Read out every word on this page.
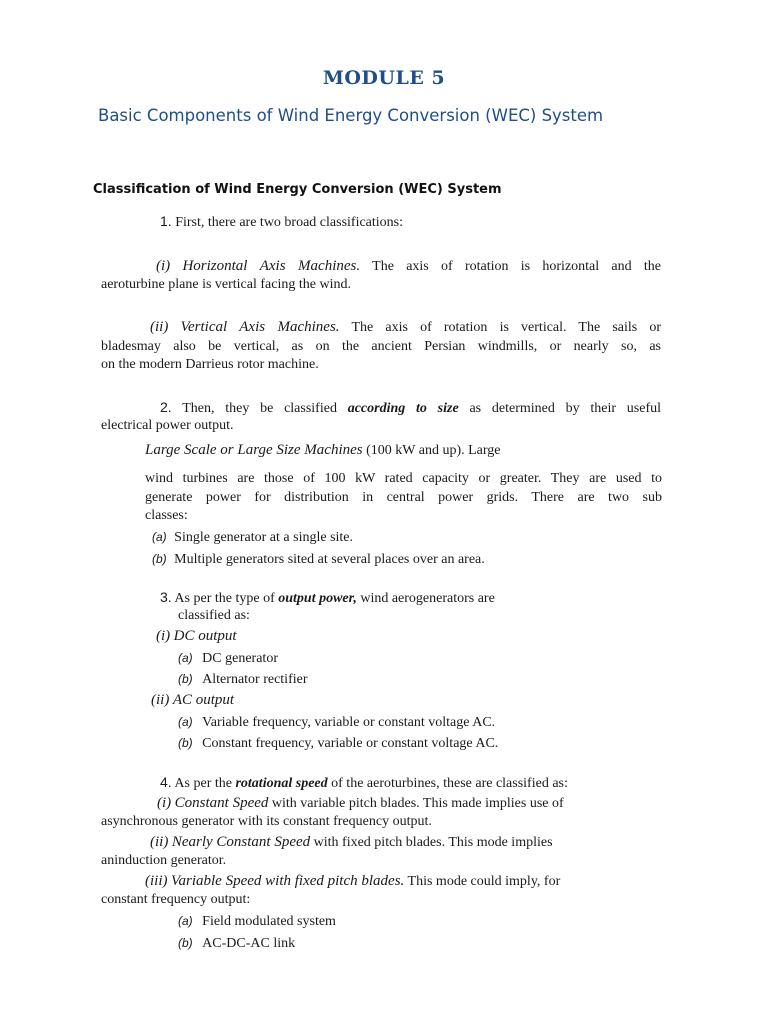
MODULE 5
Basic Components of Wind Energy Conversion (WEC) System
Classification of Wind Energy Conversion (WEC) System
1. First, there are two broad classifications:
(i) Horizontal Axis Machines. The axis of rotation is horizontal and the
aeroturbine plane is vertical facing the wind.
(ii) Vertical Axis Machines. The axis of rotation is vertical. The sails or
bladesmay also be vertical, as on the ancient Persian windmills, or nearly so, as
on the modern Darrieus rotor machine.
2. Then, they be classified according to size as determined by their useful
electrical power output.
Large Scale or Large Size Machines (100 kW and up). Large
wind turbines are those of 100 kW rated capacity or greater. They are used to
generate power for distribution in central power grids. There are two sub
classes:
(a) Single generator at a single site.
(b) Multiple generators sited at several places over an area.
3. As per the type of output power, wind aerogenerators are
classified as:
(i) DC output
(a) DC generator
(b) Alternator rectifier
(ii) AC output
(a) Variable frequency, variable or constant voltage AC.
(b) Constant frequency, variable or constant voltage AC.
4. As per the rotational speed of the aeroturbines, these are classified as:
(i) Constant Speed with variable pitch blades. This made implies use of
asynchronous generator with its constant frequency output.
(ii) Nearly Constant Speed with fixed pitch blades. This mode implies
aninduction generator.
(iii) Variable Speed with fixed pitch blades. This mode could imply, for
constant frequency output:
(a) Field modulated system
(b) AC-DC-AC link
